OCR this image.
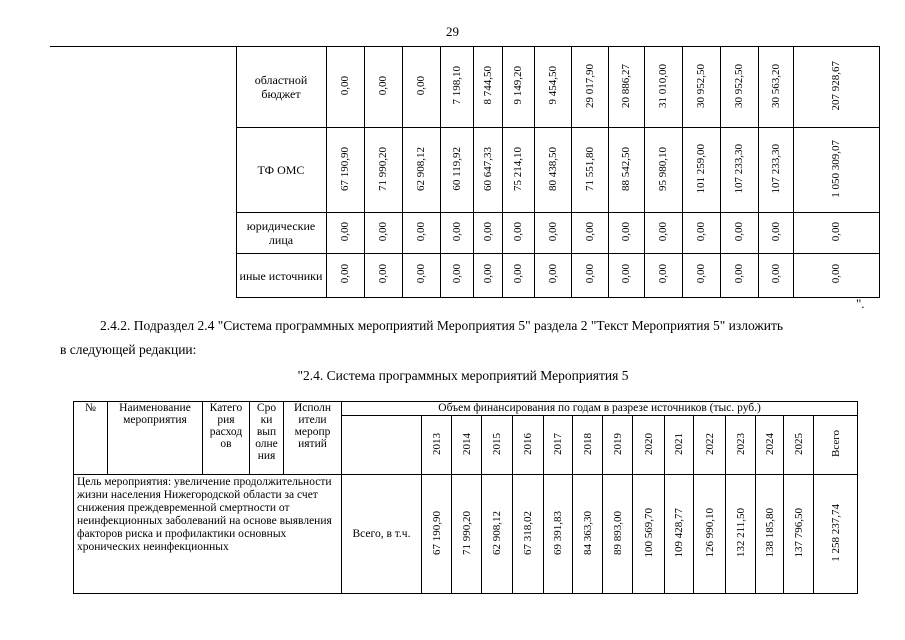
29
	областной бюджет	0,00	0,00	0,00	7 198,10	8 744,50	9 149,20	9 454,50	29 017,90	20 886,27	31 010,00	30 952,50	30 952,50	30 563,20	207 928,67
	ТФ ОМС	67 190,90	71 990,20	62 908,12	60 119,92	60 647,33	75 214,10	80 438,50	71 551,80	88 542,50	95 980,10	101 259,00	107 233,30	107 233,30	1 050 309,07
	юридические лица	0,00	0,00	0,00	0,00	0,00	0,00	0,00	0,00	0,00	0,00	0,00	0,00	0,00	0,00
	иные источники	0,00	0,00	0,00	0,00	0,00	0,00	0,00	0,00	0,00	0,00	0,00	0,00	0,00	0,00
".
2.4.2. Подраздел 2.4 "Система программных мероприятий Мероприятия 5" раздела 2 "Текст Мероприятия 5" изложить
в следующей редакции:
"2.4. Система программных мероприятий Мероприятия 5
№	Наименование мероприятия	Катего рия расход ов	Сро ки вып олне ния	Исполн ители меропр иятий	Объем финансирования по годам в разрезе источников (тыс. руб.)														
						2013	2014	2015	2016	2017	2018	2019	2020	2021	2022	2023	2024	2025	Всего
Цель мероприятия: увеличение продолжительности жизни населения Нижегородской области за счет снижения преждевременной смертности от неинфекционных заболеваний на основе выявления факторов риска и профилактики основных хронических неинфекционных					Всего, в т.ч.	67 190,90	71 990,20	62 908,12	67 318,02	69 391,83	84 363,30	89 893,00	100 569,70	109 428,77	126 990,10	132 211,50	138 185,80	137 796,50	1 258 237,74
